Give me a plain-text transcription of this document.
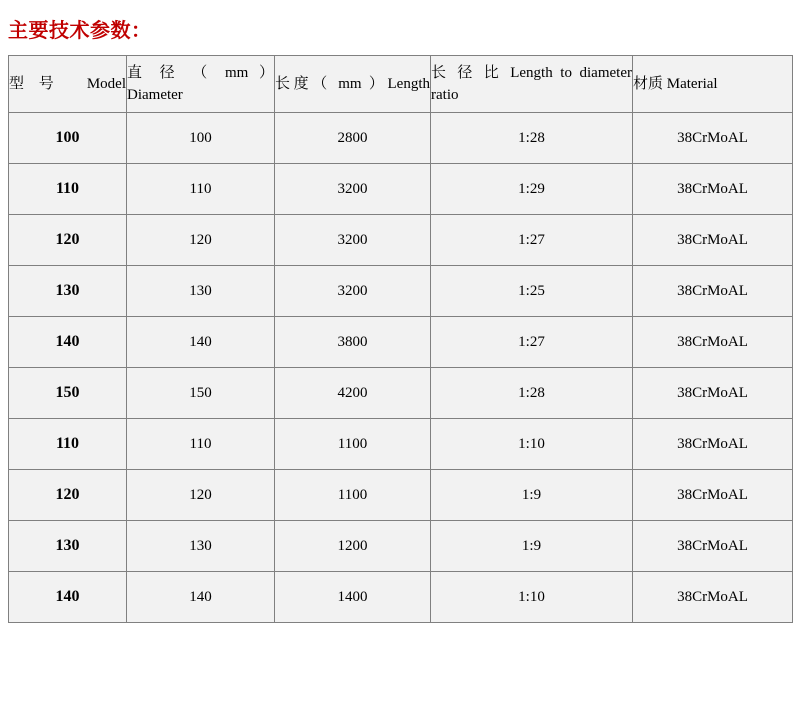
主要技术参数：
型号 Model	直 径 （ mm ） Diameter	长度（ mm ）Length	长 径 比 Length to diameter ratio	材质 Material

100	100	2800	1:28	38CrMoAL
110	110	3200	1:29	38CrMoAL
120	120	3200	1:27	38CrMoAL
130	130	3200	1:25	38CrMoAL
140	140	3800	1:27	38CrMoAL
150	150	4200	1:28	38CrMoAL
110	110	1100	1:10	38CrMoAL
120	120	1100	1:9	38CrMoAL
130	130	1200	1:9	38CrMoAL
140	140	1400	1:10	38CrMoAL
